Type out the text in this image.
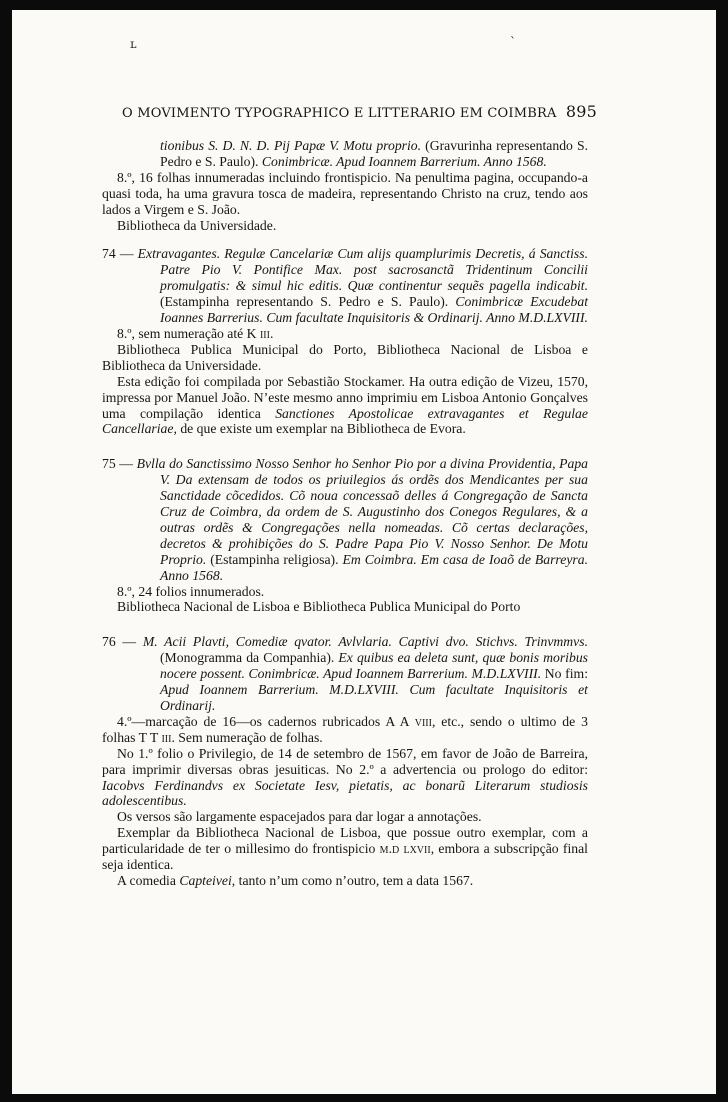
ʟ	`
O MOVIMENTO TYPOGRAPHICO E LITTERARIO EM COIMBRA 895

tionibus S. D. N. D. Pij Papæ V. Motu proprio. (Gravurinha representando S. Pedro e S. Paulo). Conimbricæ. Apud Ioannem Barrerium. Anno 1568.

8.º, 16 folhas innumeradas incluindo frontispicio. Na penultima pagina, occupando-a quasi toda, ha uma gravura tosca de madeira, representando Christo na cruz, tendo aos lados a Virgem e S. João.

Bibliotheca da Universidade.

74 — Extravagantes. Regulæ Cancelariæ Cum alijs quamplurimis Decretis, á Sanctiss. Patre Pio V. Pontifice Max. post sacrosanctã Tridentinum Concilii promulgatis: & simul hic editis. Quæ continentur sequẽs pagella indicabit. (Estampinha representando S. Pedro e S. Paulo). Conimbricæ Excudebat Ioannes Barrerius. Cum facultate Inquisitoris & Ordinarij. Anno M.D.LXVIII.

8.º, sem numeração até K iii.

Bibliotheca Publica Municipal do Porto, Bibliotheca Nacional de Lisboa e Bibliotheca da Universidade.

Esta edição foi compilada por Sebastião Stockamer. Ha outra edição de Vizeu, 1570, impressa por Manuel João. N’este mesmo anno imprimiu em Lisboa Antonio Gonçalves uma compilação identica Sanctiones Apostolicae extravagantes et Regulae Cancellariae, de que existe um exemplar na Bibliotheca de Evora.

75 — Bvlla do Sanctissimo Nosso Senhor ho Senhor Pio por a divina Providentia, Papa V. Da extensam de todos os priuilegios ás ordẽs dos Mendicantes per sua Sanctidade cõcedidos. Cõ noua concessaõ delles á Congregação de Sancta Cruz de Coimbra, da ordem de S. Augustinho dos Conegos Regulares, & a outras ordẽs & Congregações nella nomeadas. Cõ certas declarações, decretos & prohibições do S. Padre Papa Pio V. Nosso Senhor. De Motu Proprio. (Estampinha religiosa). Em Coimbra. Em casa de Ioaõ de Barreyra. Anno 1568.

8.º, 24 folios innumerados.

Bibliotheca Nacional de Lisboa e Bibliotheca Publica Municipal do Porto

76 — M. Acii Plavti, Comediæ qvator. Avlvlaria. Captivi dvo. Stichvs. Trinvmmvs. (Monogramma da Companhia). Ex quibus ea deleta sunt, quæ bonis moribus nocere possent. Conimbricæ. Apud Ioannem Barrerium. M.D.LXVIII. No fim: Apud Ioannem Barrerium. M.D.LXVIII. Cum facultate Inquisitoris et Ordinarij.

4.º—marcação de 16—os cadernos rubricados A A viii, etc., sendo o ultimo de 3 folhas T T iii. Sem numeração de folhas.

No 1.º folio o Privilegio, de 14 de setembro de 1567, em favor de João de Barreira, para imprimir diversas obras jesuiticas. No 2.º a advertencia ou prologo do editor: Iacobvs Ferdinandvs ex Societate Iesv, pietatis, ac bonarũ Literarum studiosis adolescentibus.

Os versos são largamente espacejados para dar logar a annotações.

Exemplar da Bibliotheca Nacional de Lisboa, que possue outro exemplar, com a particularidade de ter o millesimo do frontispicio m.d lxvii, embora a subscripção final seja identica.

A comedia Capteivei, tanto n’um como n’outro, tem a data 1567.
